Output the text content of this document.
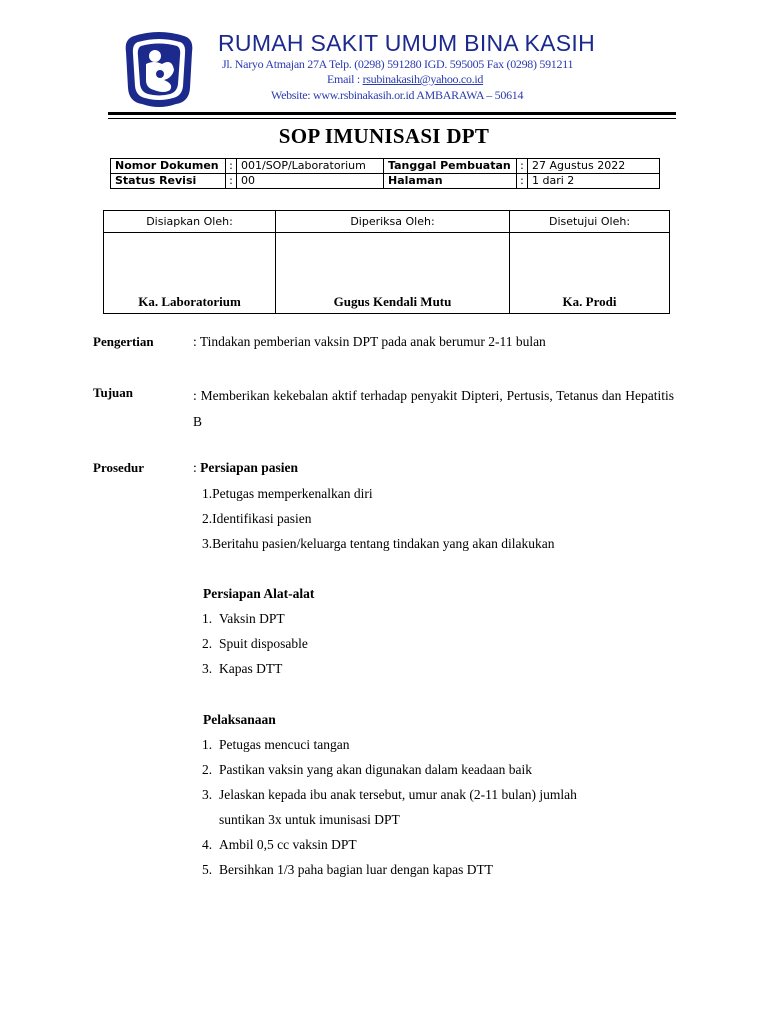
RUMAH SAKIT UMUM BINA KASIH
Jl. Naryo Atmajan 27A Telp. (0298) 591280 IGD. 595005 Fax (0298) 591211
Email : rsubinakasih@yahoo.co.id
Website: www.rsbinakasih.or.id AMBARAWA – 50614
SOP IMUNISASI DPT
Nomor Dokumen	:	001/SOP/Laboratorium	Tanggal Pembuatan	:	27 Agustus 2022
Status Revisi	:	00	Halaman	:	1 dari 2
Disiapkan Oleh:	Diperiksa Oleh:	Disetujui Oleh:
Ka. Laboratorium	Gugus Kendali Mutu	Ka. Prodi
Pengertian	: Tindakan pemberian vaksin DPT pada anak berumur 2-11 bulan
Tujuan	: Memberikan kekebalan aktif terhadap penyakit Dipteri, Pertusis, Tetanus dan Hepatitis B
Prosedur	: Persiapan pasien
1.Petugas memperkenalkan diri
2.Identifikasi pasien
3.Beritahu pasien/keluarga tentang tindakan yang akan dilakukan
Persiapan Alat-alat
1. Vaksin DPT
2. Spuit disposable
3. Kapas DTT
Pelaksanaan
1. Petugas mencuci tangan
2. Pastikan vaksin yang akan digunakan dalam keadaan baik
3. Jelaskan kepada ibu anak tersebut, umur anak (2-11 bulan) jumlah
suntikan 3x untuk imunisasi DPT
4. Ambil 0,5 cc vaksin DPT
5. Bersihkan 1/3 paha bagian luar dengan kapas DTT
